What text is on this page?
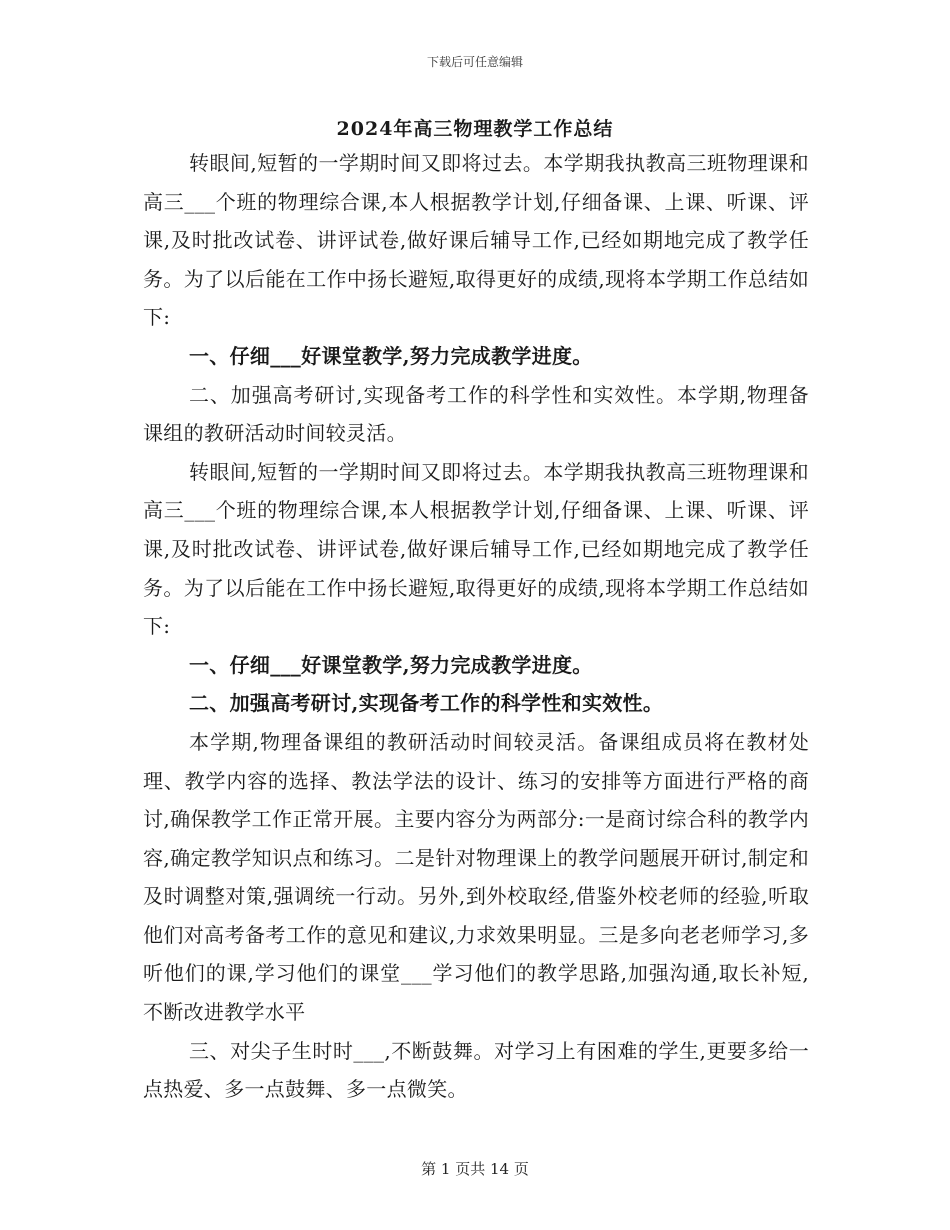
下载后可任意编辑
2024年高三物理教学工作总结

转眼间,短暂的一学期时间又即将过去。本学期我执教高三班物理课和高三___个班的物理综合课,本人根据教学计划,仔细备课、上课、听课、评课,及时批改试卷、讲评试卷,做好课后辅导工作,已经如期地完成了教学任务。为了以后能在工作中扬长避短,取得更好的成绩,现将本学期工作总结如下:

一、仔细___好课堂教学,努力完成教学进度。

二、加强高考研讨,实现备考工作的科学性和实效性。本学期,物理备课组的教研活动时间较灵活。

转眼间,短暂的一学期时间又即将过去。本学期我执教高三班物理课和高三___个班的物理综合课,本人根据教学计划,仔细备课、上课、听课、评课,及时批改试卷、讲评试卷,做好课后辅导工作,已经如期地完成了教学任务。为了以后能在工作中扬长避短,取得更好的成绩,现将本学期工作总结如下:

一、仔细___好课堂教学,努力完成教学进度。

二、加强高考研讨,实现备考工作的科学性和实效性。

本学期,物理备课组的教研活动时间较灵活。备课组成员将在教材处理、教学内容的选择、教法学法的设计、练习的安排等方面进行严格的商讨,确保教学工作正常开展。主要内容分为两部分:一是商讨综合科的教学内容,确定教学知识点和练习。二是针对物理课上的教学问题展开研讨,制定和及时调整对策,强调统一行动。另外,到外校取经,借鉴外校老师的经验,听取他们对高考备考工作的意见和建议,力求效果明显。三是多向老老师学习,多听他们的课,学习他们的课堂___学习他们的教学思路,加强沟通,取长补短,不断改进教学水平

三、对尖子生时时___,不断鼓舞。对学习上有困难的学生,更要多给一点热爱、多一点鼓舞、多一点微笑。

第 1 页共 14 页
